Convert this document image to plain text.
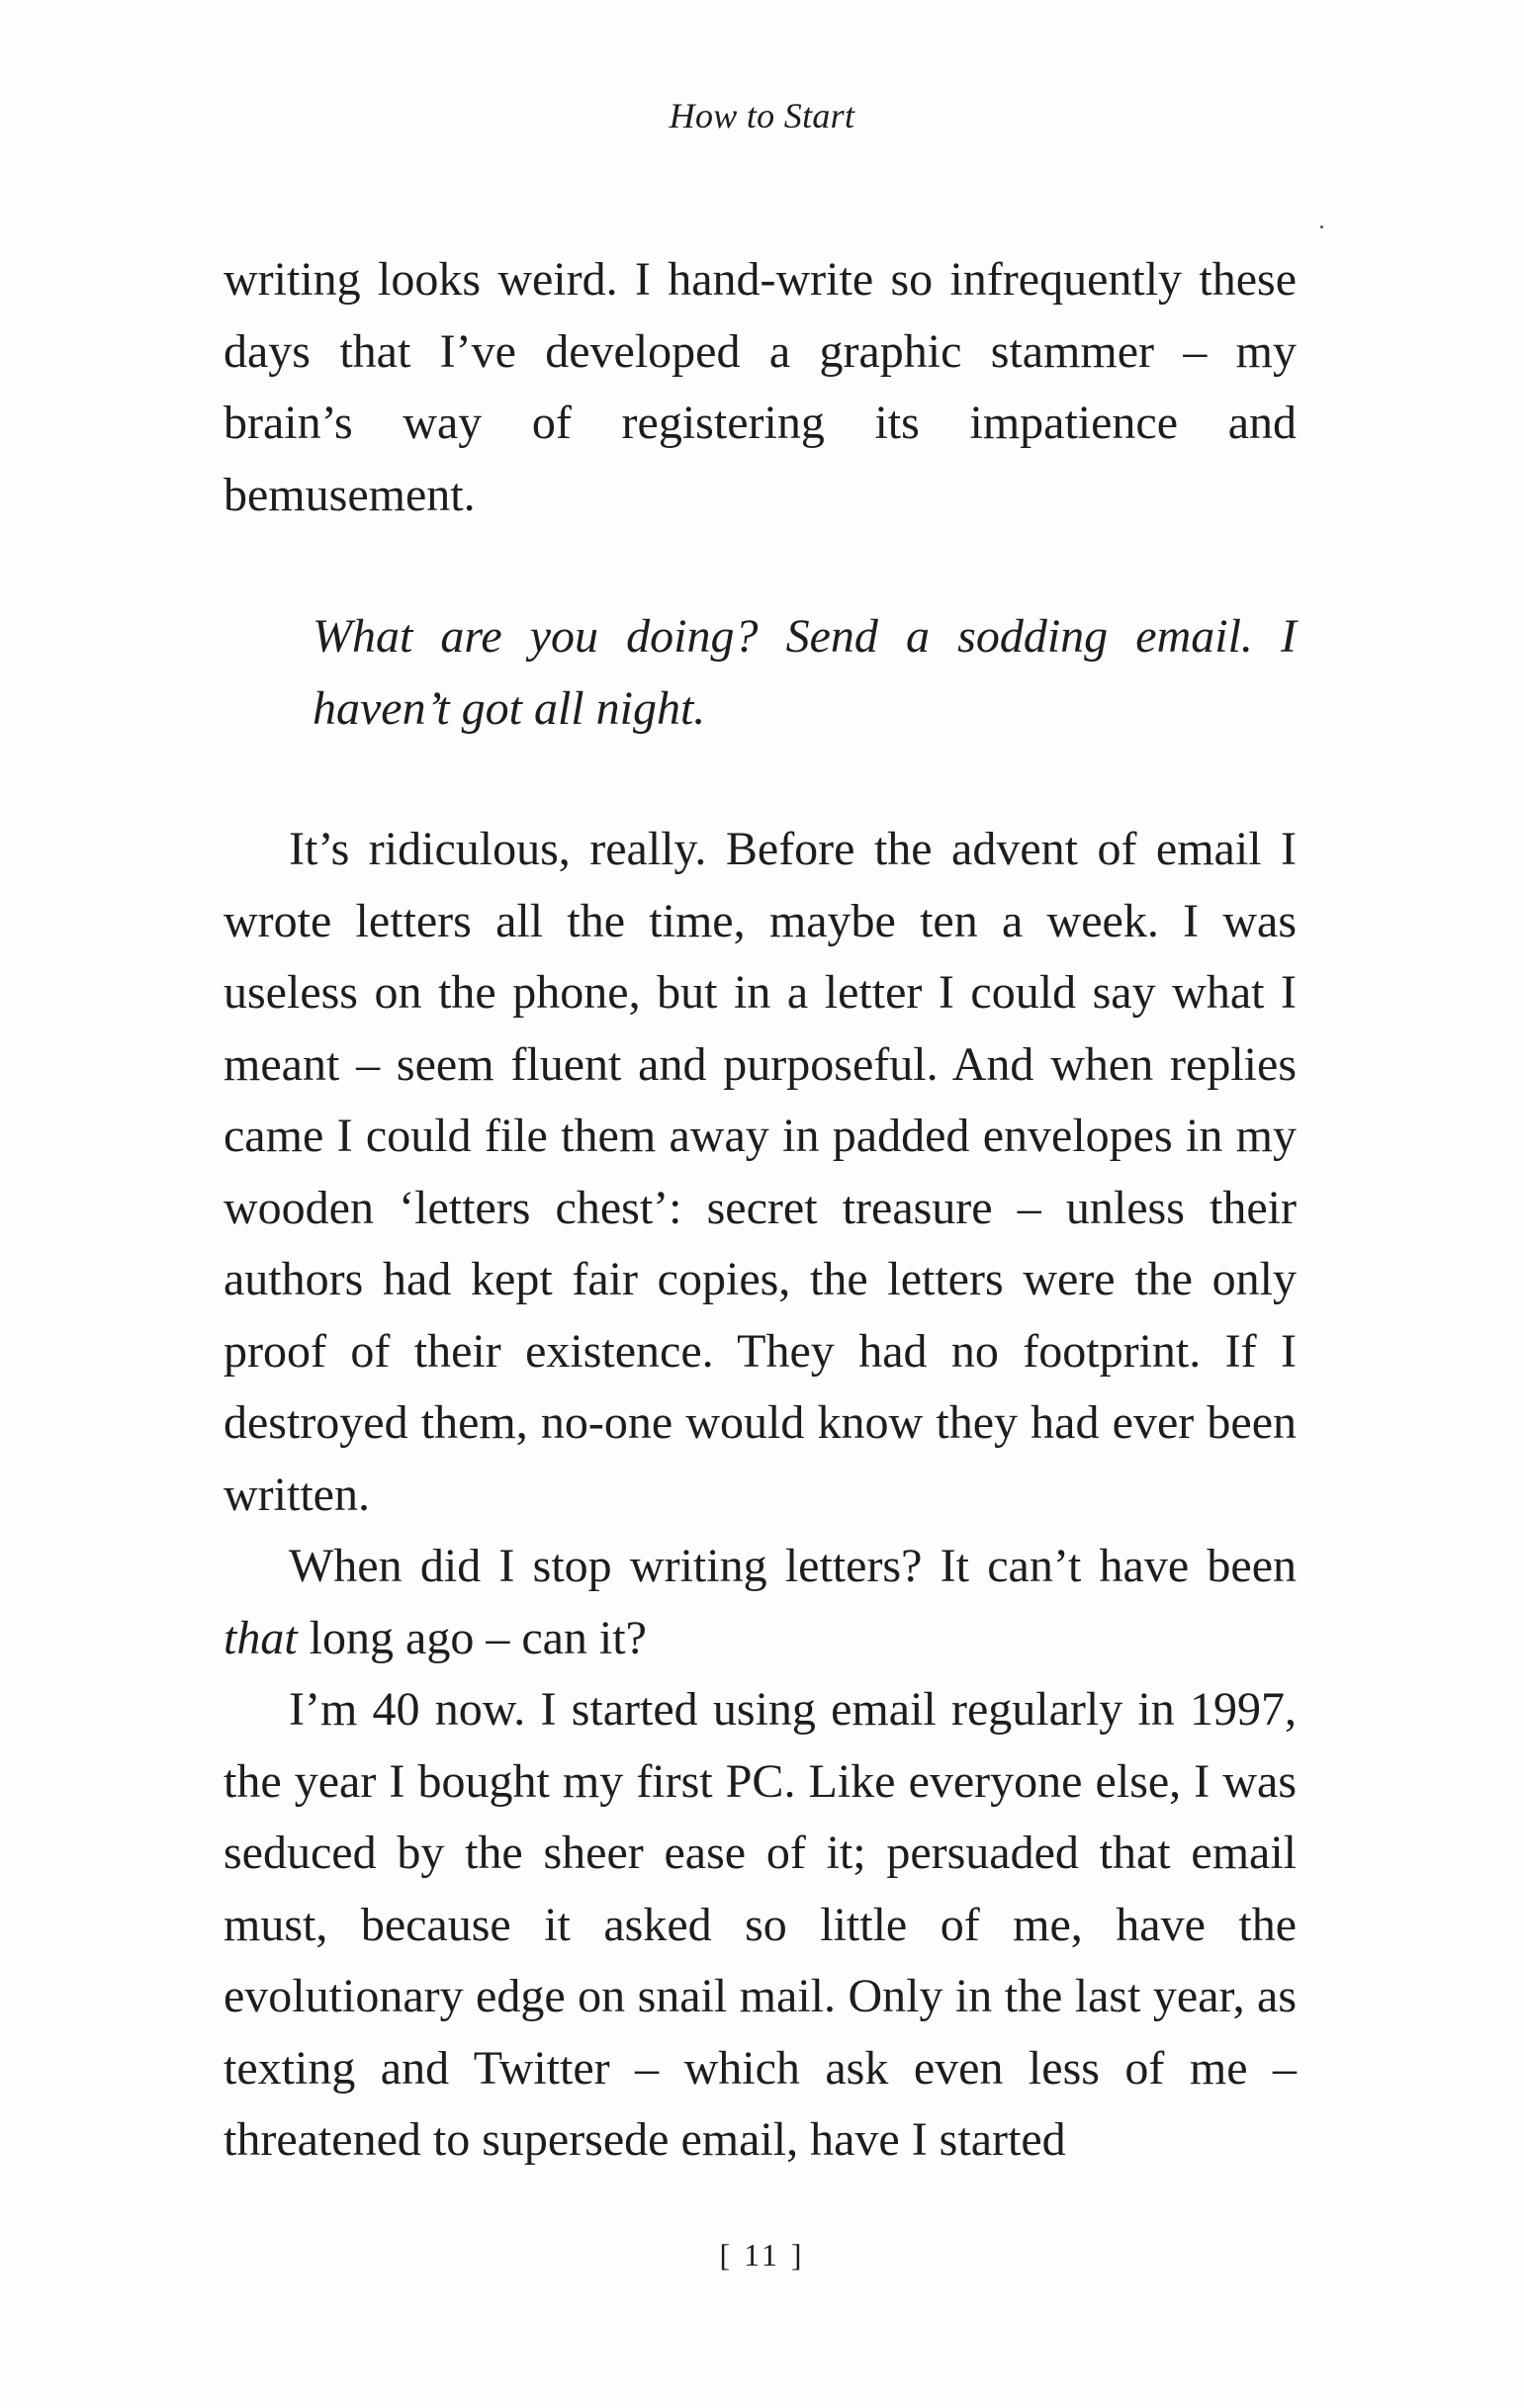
How to Start

writing looks weird. I hand-write so infrequently these days that I’ve developed a graphic stammer – my brain’s way of registering its impatience and bemusement.

What are you doing? Send a sodding email. I haven’t got all night.

It’s ridiculous, really. Before the advent of email I wrote letters all the time, maybe ten a week. I was useless on the phone, but in a letter I could say what I meant – seem fluent and purposeful. And when replies came I could file them away in padded envelopes in my wooden ‘letters chest’: secret treasure – unless their authors had kept fair copies, the letters were the only proof of their existence. They had no footprint. If I destroyed them, no-one would know they had ever been written.

When did I stop writing letters? It can’t have been that long ago – can it?

I’m 40 now. I started using email regularly in 1997, the year I bought my first PC. Like everyone else, I was seduced by the sheer ease of it; persuaded that email must, because it asked so little of me, have the evolutionary edge on snail mail. Only in the last year, as texting and Twitter – which ask even less of me – threatened to supersede email, have I started

[ 11 ]
